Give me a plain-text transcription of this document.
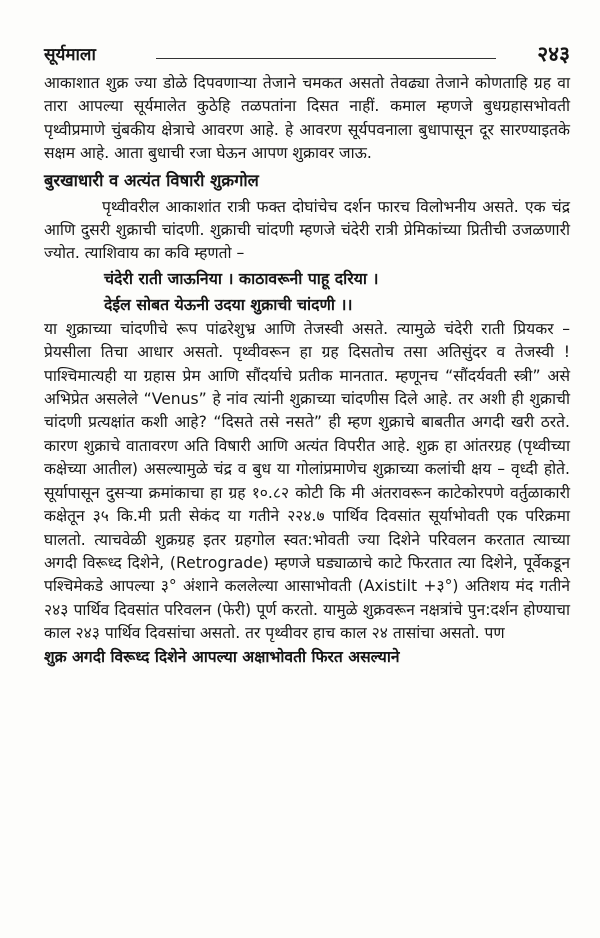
सूर्यमाला	२४३

आकाशात शुक्र ज्या डोळे दिपवणाऱ्या तेजाने चमकत असतो तेवढ्या तेजाने कोणताहि ग्रह वा तारा आपल्या सूर्यमालेत कुठेहि तळपतांना दिसत नाहीं. कमाल म्हणजे बुधग्रहासभोवती पृथ्वीप्रमाणे चुंबकीय क्षेत्राचे आवरण आहे. हे आवरण सूर्यपवनाला बुधापासून दूर सारण्याइतके सक्षम आहे. आता बुधाची रजा घेऊन आपण शुक्रावर जाऊ.

बुरखाधारी व अत्यंत विषारी शुक्रगोल

पृथ्वीवरील आकाशांत रात्री फक्त दोघांचेच दर्शन फारच विलोभनीय असते. एक चंद्र आणि दुसरी शुक्राची चांदणी. शुक्राची चांदणी म्हणजे चंदेरी रात्री प्रेमिकांच्या प्रितीची उजळणारी ज्योत. त्याशिवाय का कवि म्हणतो –

चंदेरी राती जाऊनिया । काठावरूनी पाहू दरिया ।
देईल सोबत येऊनी उदया शुक्राची चांदणी ।।

या शुक्राच्या चांदणीचे रूप पांढरेशुभ्र आणि तेजस्वी असते. त्यामुळे चंदेरी राती प्रियकर – प्रेयसीला तिचा आधार असतो. पृथ्वीवरून हा ग्रह दिसतोच तसा अतिसुंदर व तेजस्वी ! पाश्चिमात्यही या ग्रहास प्रेम आणि सौंदर्याचे प्रतीक मानतात. म्हणूनच “सौंदर्यवती स्त्री” असे अभिप्रेत असलेले “Venus” हे नांव त्यांनी शुक्राच्या चांदणीस दिले आहे. तर अशी ही शुक्राची चांदणी प्रत्यक्षांत कशी आहे? “दिसते तसे नसते” ही म्हण शुक्राचे बाबतीत अगदी खरी ठरते. कारण शुक्राचे वातावरण अति विषारी आणि अत्यंत विपरीत आहे. शुक्र हा आंतरग्रह (पृथ्वीच्या कक्षेच्या आतील) असल्यामुळे चंद्र व बुध या गोलांप्रमाणेच शुक्राच्या कलांची क्षय – वृध्दी होते. सूर्यापासून दुसऱ्या क्रमांकाचा हा ग्रह १०.८२ कोटी कि मी अंतरावरून काटेकोरपणे वर्तुळाकारी कक्षेतून ३५ कि.मी प्रती सेकंद या गतीने २२४.७ पार्थिव दिवसांत सूर्याभोवती एक परिक्रमा घालतो. त्याचवेळी शुक्रग्रह इतर ग्रहगोल स्वत:भोवती ज्या दिशेने परिवलन करतात त्याच्या अगदी विरूध्द दिशेने, (Retrograde) म्हणजे घड्याळाचे काटे फिरतात त्या दिशेने, पूर्वेकडून पश्चिमेकडे आपल्या ३° अंशाने कललेल्या आसाभोवती (Axistilt +३°) अतिशय मंद गतीने २४३ पार्थिव दिवसांत परिवलन (फेरी) पूर्ण करतो. यामुळे शुक्रवरून नक्षत्रांचे पुन:दर्शन होण्याचा काल २४३ पार्थिव दिवसांचा असतो. तर पृथ्वीवर हाच काल २४ तासांचा असतो. पण

शुक्र अगदी विरूध्द दिशेने आपल्या अक्षाभोवती फिरत असल्याने
